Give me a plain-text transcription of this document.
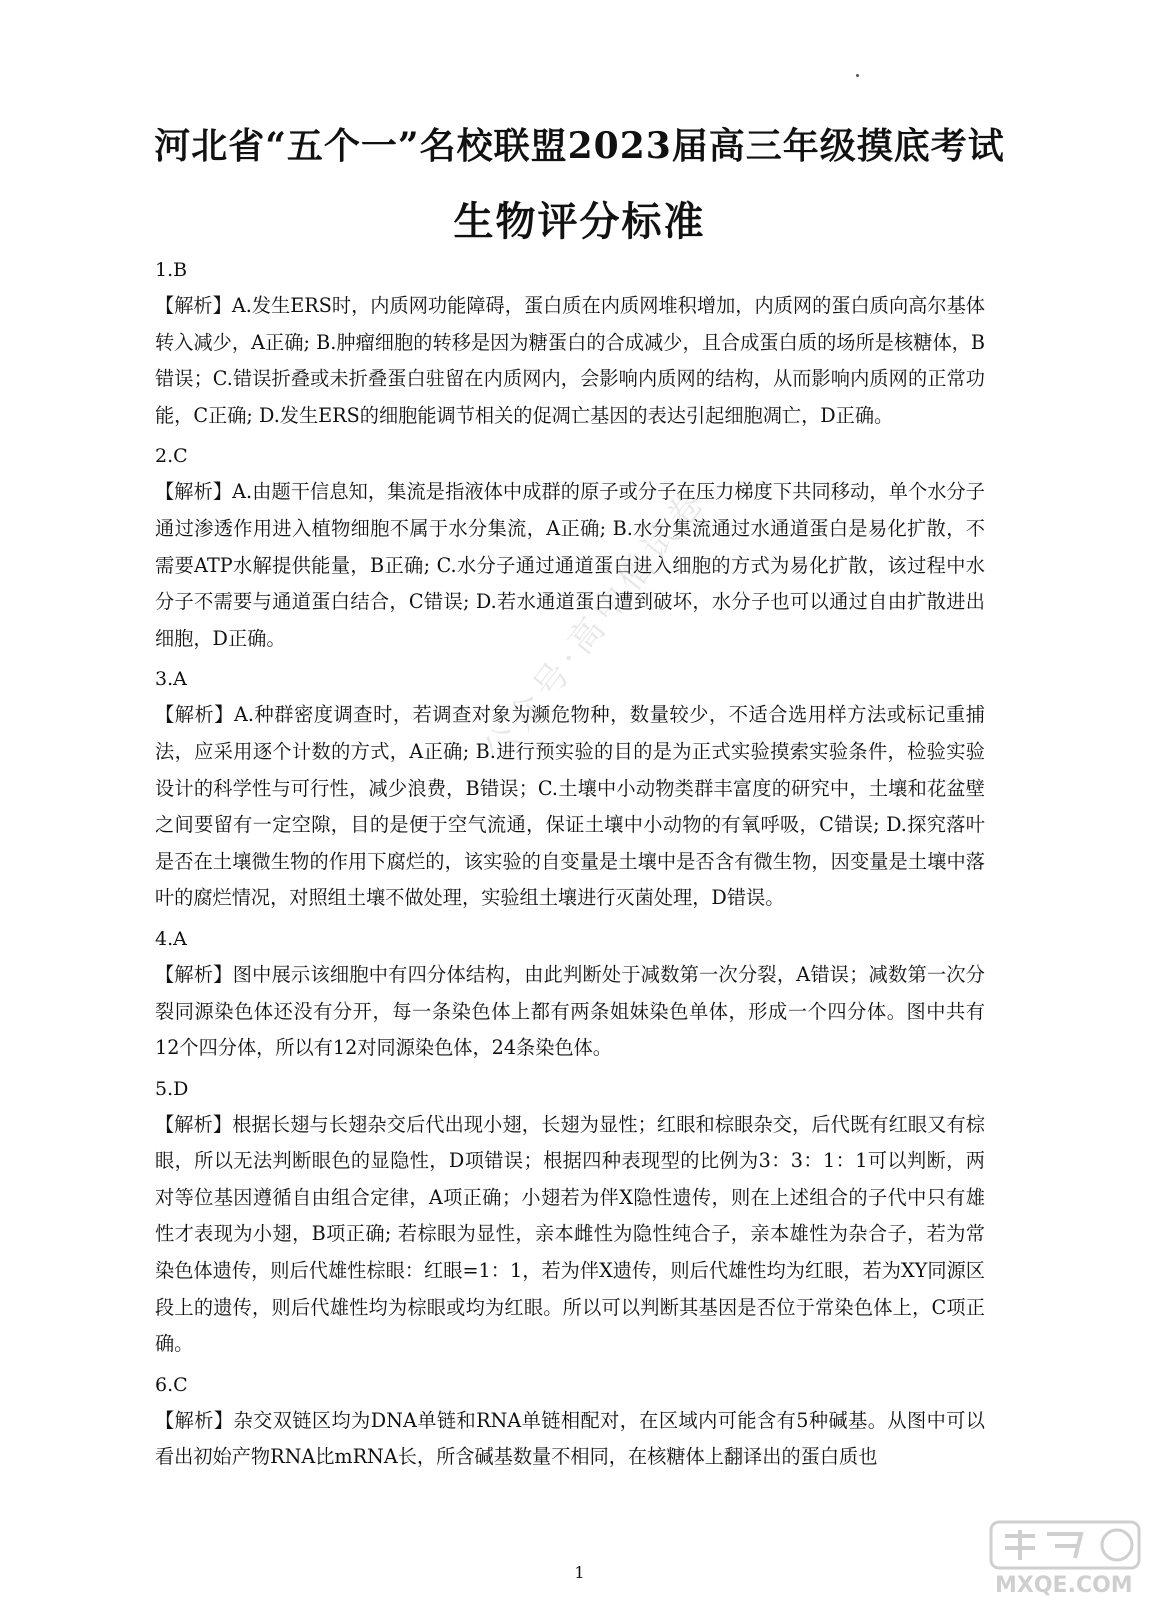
河北省“五个一”名校联盟2023届高三年级摸底考试
生物评分标准
公众号·高中僧试卷

1.B

【解析】A.发生ERS时，内质网功能障碍，蛋白质在内质网堆积增加，内质网的蛋白质向高尔基体转入减少，A正确; B.肿瘤细胞的转移是因为糖蛋白的合成减少，且合成蛋白质的场所是核糖体，B错误；C.错误折叠或未折叠蛋白驻留在内质网内，会影响内质网的结构，从而影响内质网的正常功能，C正确; D.发生ERS的细胞能调节相关的促凋亡基因的表达引起细胞凋亡，D正确。

2.C

【解析】A.由题干信息知，集流是指液体中成群的原子或分子在压力梯度下共同移动，单个水分子通过渗透作用进入植物细胞不属于水分集流，A正确; B.水分集流通过水通道蛋白是易化扩散，不需要ATP水解提供能量，B正确; C.水分子通过通道蛋白进入细胞的方式为易化扩散，该过程中水分子不需要与通道蛋白结合，C错误; D.若水通道蛋白遭到破坏，水分子也可以通过自由扩散进出细胞，D正确。

3.A

【解析】A.种群密度调查时，若调查对象为濒危物种，数量较少，不适合选用样方法或标记重捕法，应采用逐个计数的方式，A正确; B.进行预实验的目的是为正式实验摸索实验条件，检验实验设计的科学性与可行性，减少浪费，B错误；C.土壤中小动物类群丰富度的研究中，土壤和花盆壁之间要留有一定空隙，目的是便于空气流通，保证土壤中小动物的有氧呼吸，C错误; D.探究落叶是否在土壤微生物的作用下腐烂的，该实验的自变量是土壤中是否含有微生物，因变量是土壤中落叶的腐烂情况，对照组土壤不做处理，实验组土壤进行灭菌处理，D错误。

4.A

【解析】图中展示该细胞中有四分体结构，由此判断处于减数第一次分裂，A错误；减数第一次分裂同源染色体还没有分开，每一条染色体上都有两条姐妹染色单体，形成一个四分体。图中共有12个四分体，所以有12对同源染色体，24条染色体。

5.D

【解析】根据长翅与长翅杂交后代出现小翅，长翅为显性；红眼和棕眼杂交，后代既有红眼又有棕眼，所以无法判断眼色的显隐性，D项错误；根据四种表现型的比例为3：3：1：1可以判断，两对等位基因遵循自由组合定律，A项正确；小翅若为伴X隐性遗传，则在上述组合的子代中只有雄性才表现为小翅，B项正确; 若棕眼为显性，亲本雌性为隐性纯合子，亲本雄性为杂合子，若为常染色体遗传，则后代雄性棕眼：红眼=1：1，若为伴X遗传，则后代雄性均为红眼，若为XY同源区段上的遗传，则后代雄性均为棕眼或均为红眼。所以可以判断其基因是否位于常染色体上，C项正确。

6.C

【解析】杂交双链区均为DNA单链和RNA单链相配对，在区域内可能含有5种碱基。从图中可以看出初始产物RNA比mRNA长，所含碱基数量不相同，在核糖体上翻译出的蛋白质也

1
MXQE.COM
